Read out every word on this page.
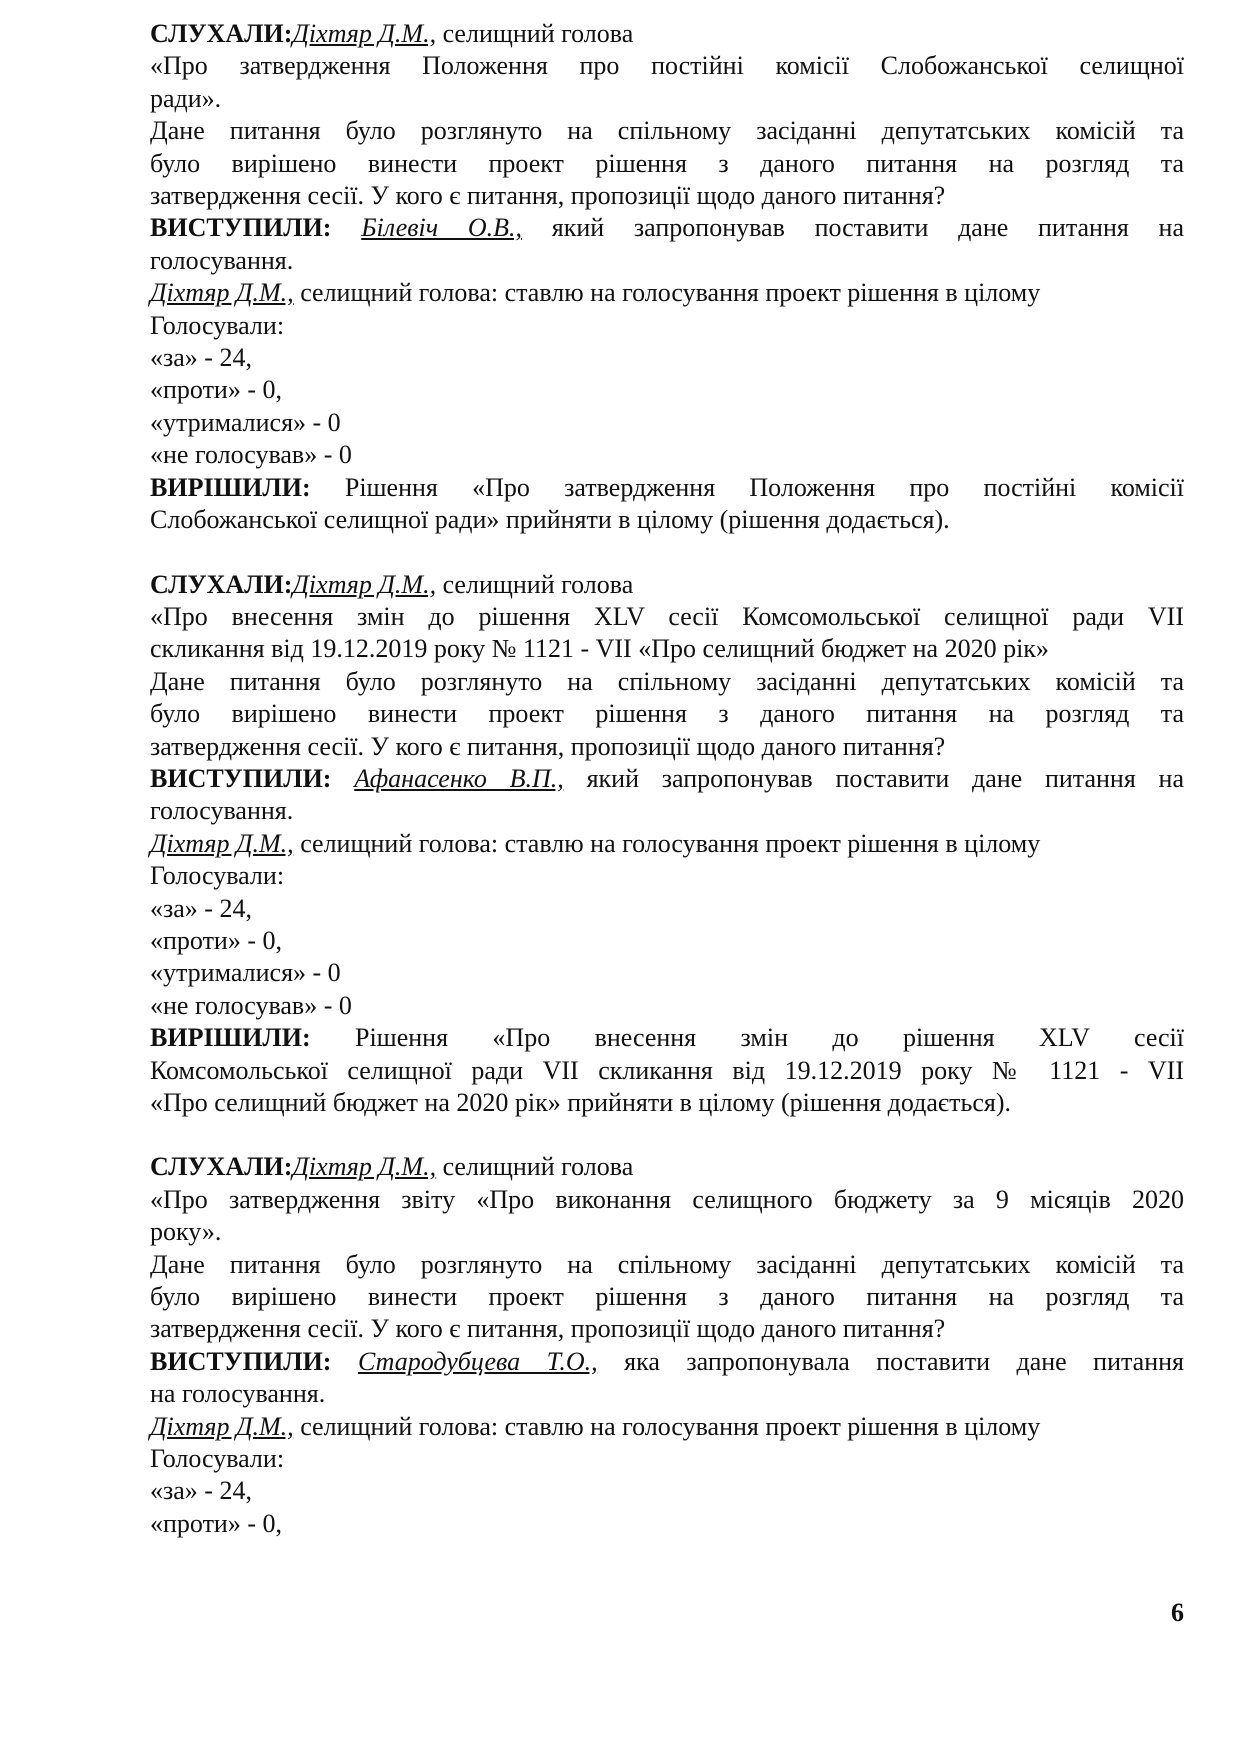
СЛУХАЛИ:Діхтяр Д.М., селищний голова
«Про затвердження Положення про постійні комісії Слобожанської селищної
ради».
Дане питання було розглянуто на спільному засіданні депутатських комісій та
було вирішено винести проект рішення з даного питання на розгляд та
затвердження сесії. У кого є питання, пропозиції щодо даного питання?
ВИСТУПИЛИ: Білевіч О.В., який запропонував поставити дане питання на
голосування.
Діхтяр Д.М., селищний голова: ставлю на голосування проект рішення в цілому
Голосували:
«за» - 24,
«проти» - 0,
«утрималися» - 0
«не голосував» - 0
ВИРІШИЛИ: Рішення «Про затвердження Положення про постійні комісії
Слобожанської селищної ради» прийняти в цілому (рішення додається).
СЛУХАЛИ:Діхтяр Д.М., селищний голова
«Про внесення змін до рішення XLV сесії Комсомольської селищної ради VII
скликання від 19.12.2019 року № 1121 - VII «Про селищний бюджет на 2020 рік»
Дане питання було розглянуто на спільному засіданні депутатських комісій та
було вирішено винести проект рішення з даного питання на розгляд та
затвердження сесії. У кого є питання, пропозиції щодо даного питання?
ВИСТУПИЛИ: Афанасенко В.П., який запропонував поставити дане питання на
голосування.
Діхтяр Д.М., селищний голова: ставлю на голосування проект рішення в цілому
Голосували:
«за» - 24,
«проти» - 0,
«утрималися» - 0
«не голосував» - 0
ВИРІШИЛИ: Рішення «Про внесення змін до рішення XLV сесії
Комсомольської селищної ради VII скликання від 19.12.2019 року № 1121 - VII
«Про селищний бюджет на 2020 рік» прийняти в цілому (рішення додається).
СЛУХАЛИ:Діхтяр Д.М., селищний голова
«Про затвердження звіту «Про виконання селищного бюджету за 9 місяців 2020
року».
Дане питання було розглянуто на спільному засіданні депутатських комісій та
було вирішено винести проект рішення з даного питання на розгляд та
затвердження сесії. У кого є питання, пропозиції щодо даного питання?
ВИСТУПИЛИ: Стародубцева Т.О., яка запропонувала поставити дане питання
на голосування.
Діхтяр Д.М., селищний голова: ставлю на голосування проект рішення в цілому
Голосували:
«за» - 24,
«проти» - 0,
6
